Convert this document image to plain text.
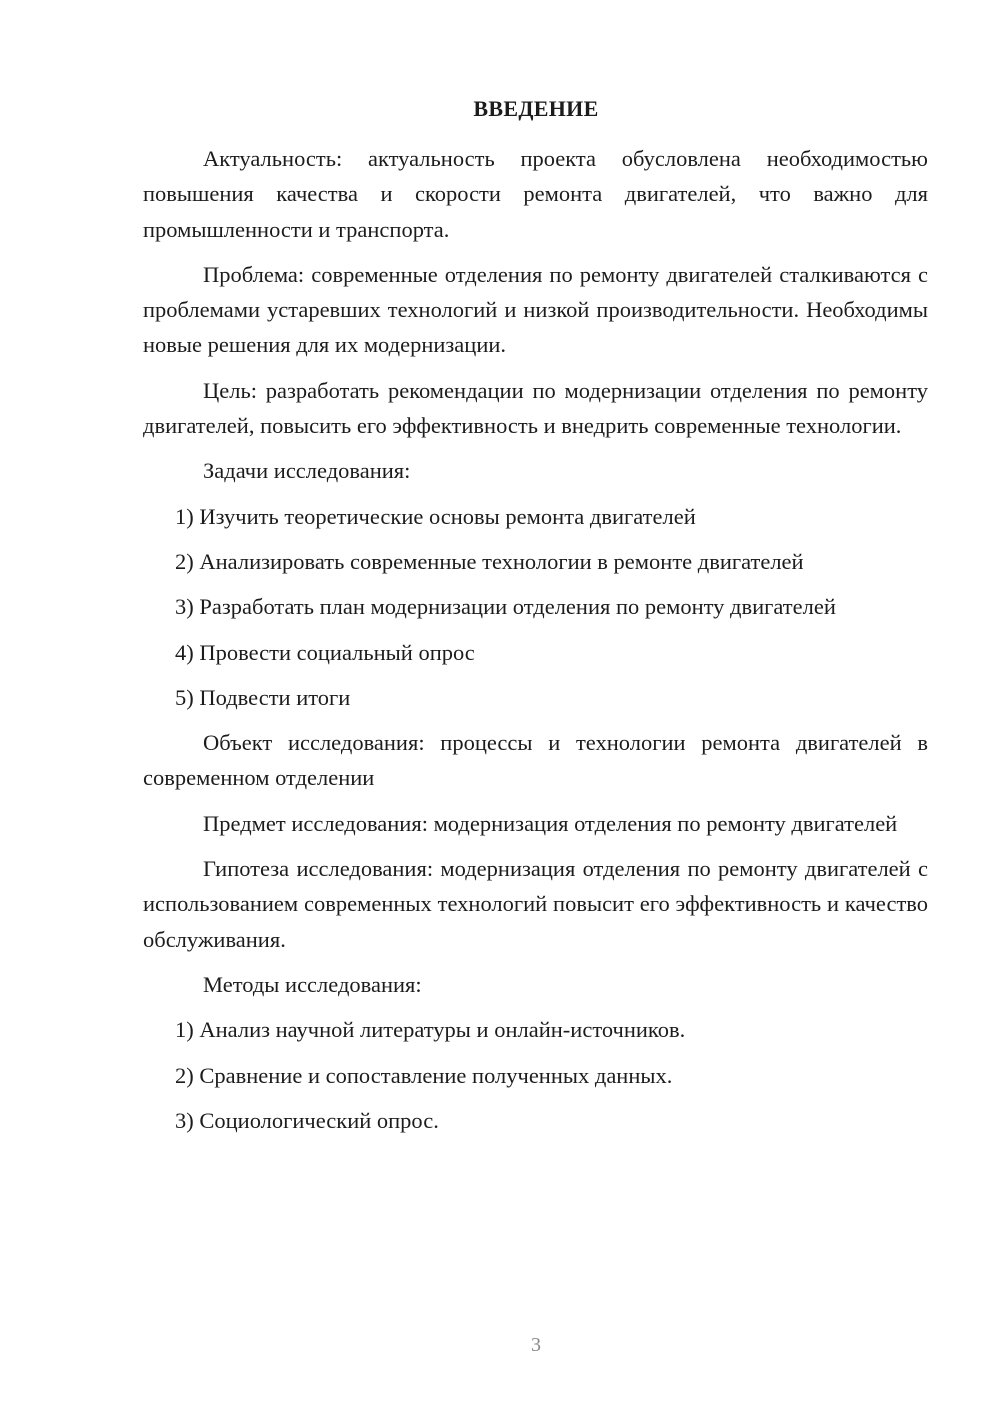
ВВЕДЕНИЕ

Актуальность: актуальность проекта обусловлена необходимостью повышения качества и скорости ремонта двигателей, что важно для промышленности и транспорта.

Проблема: современные отделения по ремонту двигателей сталкиваются с проблемами устаревших технологий и низкой производительности. Необходимы новые решения для их модернизации.

Цель: разработать рекомендации по модернизации отделения по ремонту двигателей, повысить его эффективность и внедрить современные технологии.

Задачи исследования:

1) Изучить теоретические основы ремонта двигателей

2) Анализировать современные технологии в ремонте двигателей

3) Разработать план модернизации отделения по ремонту двигателей

4) Провести социальный опрос

5) Подвести итоги

Объект исследования: процессы и технологии ремонта двигателей в современном отделении

Предмет исследования: модернизация отделения по ремонту двигателей

Гипотеза исследования: модернизация отделения по ремонту двигателей с использованием современных технологий повысит его эффективность и качество обслуживания.

Методы исследования:

1) Анализ научной литературы и онлайн-источников.

2) Сравнение и сопоставление полученных данных.

3) Социологический опрос.

3
